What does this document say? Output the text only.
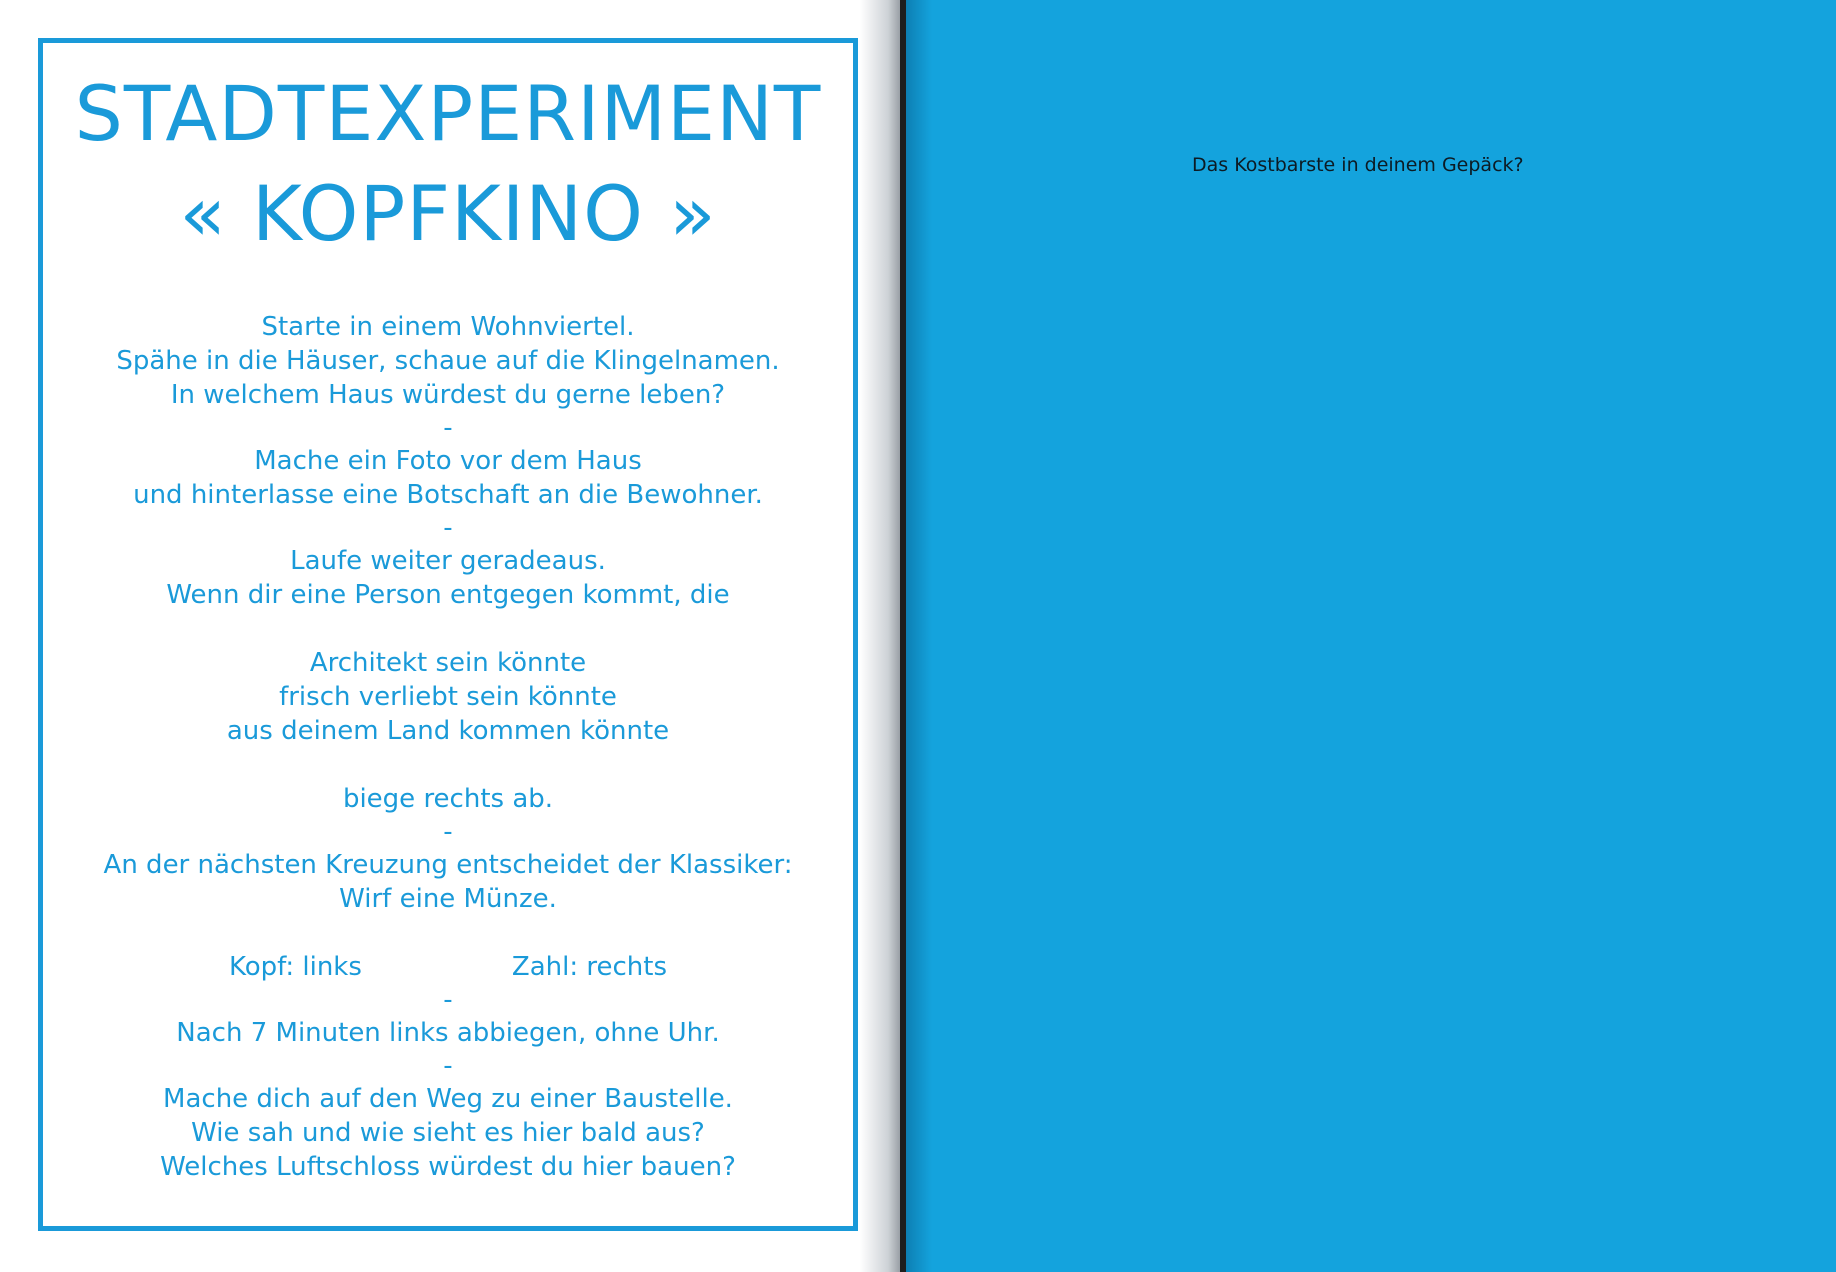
STADTEXPERIMENT
« KOPFKINO »
Starte in einem Wohnviertel.
Spähe in die Häuser, schaue auf die Klingelnamen.
In welchem Haus würdest du gerne leben?
-
Mache ein Foto vor dem Haus
und hinterlasse eine Botschaft an die Bewohner.
-
Laufe weiter geradeaus.
Wenn dir eine Person entgegen kommt, die
Architekt sein könnte
frisch verliebt sein könnte
aus deinem Land kommen könnte
biege rechts ab.
-
An der nächsten Kreuzung entscheidet der Klassiker:
Wirf eine Münze.
Kopf: links	Zahl: rechts
-
Nach 7 Minuten links abbiegen, ohne Uhr.
-
Mache dich auf den Weg zu einer Baustelle.
Wie sah und wie sieht es hier bald aus?
Welches Luftschloss würdest du hier bauen?
Das Kostbarste in deinem Gepäck?
